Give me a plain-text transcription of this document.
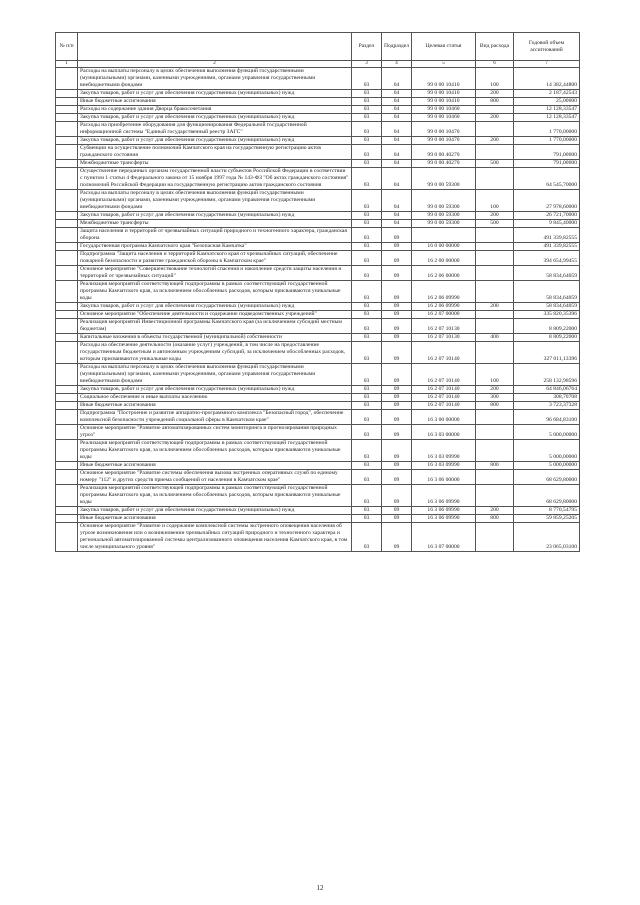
№ п/п		Раздел	Подраздел	Целевая статья	Вид расхода	Годовой объем ассигнований
1	2	3	4	5	6	7
	Расходы на выплаты персоналу в целях обеспечения выполнения функций государственными (муниципальными) органами, казенными учреждениями, органами управления государственными внебюджетными фондами	03	04	99 0 00 10410	100	14 382,44800
	Закупка товаров, работ и услуг для обеспечения государственных (муниципальных) нужд	03	04	99 0 00 10410	200	2 187,42543
	Иные бюджетные ассигнования	03	04	99 0 00 10410	800	25,00000
	Расходы на содержание здания Дворца бракосочетания	03	04	99 0 00 10460		12 128,33547
	Закупка товаров, работ и услуг для обеспечения государственных (муниципальных) нужд	03	04	99 0 00 10460	200	12 128,33547
	Расходы на приобретение оборудования для функционирования Федеральной государственной информационной системы "Единый государственный реестр ЗАГС"	03	04	99 0 00 10470		1 770,00000
	Закупка товаров, работ и услуг для обеспечения государственных (муниципальных) нужд	03	04	99 0 00 10470	200	1 770,00000
	Субвенции на осуществление полномочий Камчатского края на государственную регистрацию актов гражданского состояния	03	04	99 0 00 40270		791,00000
	Межбюджетные трансферты	03	04	99 0 00 40270	500	791,00000
	Осуществление переданных органам государственной власти субъектов Российской Федерации в соответствии с пунктом 1 статьи 4 Федерального закона от 15 ноября 1997 года № 143-ФЗ "Об актах гражданского состояния" полномочий Российской Федерации на государственную регистрацию актов гражданского состояния	03	04	99 0 00 59300		64 545,70000
	Расходы на выплаты персоналу в целях обеспечения выполнения функций государственными (муниципальными) органами, казенными учреждениями, органами управления государственными внебюджетными фондами	03	04	99 0 00 59300	100	27 978,60000
	Закупка товаров, работ и услуг для обеспечения государственных (муниципальных) нужд	03	04	99 0 00 59300	200	26 721,70000
	Межбюджетные трансферты	03	04	99 0 00 59300	500	9 845,40000
	Защита населения и территорий от чрезвычайных ситуаций природного и техногенного характера, гражданская оборона	03	09			491 339,82555
	Государственная программа Камчатского края "Безопасная Камчатка"	03	09	16 0 00 00000		491 339,82555
	Подпрограмма "Защита населения и территорий Камчатского края от чрезвычайных ситуаций, обеспечение пожарной безопасности и развитие гражданской обороны в Камчатском крае"	03	09	16 2 00 00000		394 654,99455
	Основное мероприятие "Совершенствование технологий спасения и накопление средств защиты населения и территорий от чрезвычайных ситуаций"	03	09	16 2 06 00000		58 834,64059
	Реализация мероприятий соответствующей подпрограммы в рамках соответствующей государственной программы Камчатского края, за исключением обособленных расходов, которым присваиваются уникальные коды	03	09	16 2 06 09990		58 834,64059
	Закупка товаров, работ и услуг для обеспечения государственных (муниципальных) нужд	03	09	16 2 06 09990	200	58 834,64059
	Основное мероприятие "Обеспечение деятельности и содержание подведомственных учреждений"	03	09	16 2 07 00000		335 820,35396
	Реализация мероприятий Инвестиционной программы Камчатского края (за исключением субсидий местным бюджетам)	03	09	16 2 07 10130		8 809,22000
	Капитальные вложения в объекты государственной (муниципальной) собственности	03	09	16 2 07 10130	400	8 809,22000
	Расходы на обеспечение деятельности (оказание услуг) учреждений, в том числе на предоставление государственным бюджетным и автономным учреждениям субсидий, за исключением обособленных расходов, которым присваиваются уникальные коды	03	09	16 2 07 10140		327 011,13396
	Расходы на выплаты персоналу в целях обеспечения выполнения функций государственными (муниципальными) органами, казенными учреждениями, органами управления государственными внебюджетными фондами	03	09	16 2 07 10140	100	258 132,98596
	Закупка товаров, работ и услуг для обеспечения государственных (муниципальных) нужд	03	09	16 2 07 10140	200	64 846,06764
	Социальное обеспечение и иные выплаты населению	03	09	16 2 07 10140	300	308,70708
	Иные бюджетные ассигнования	03	09	16 2 07 10140	800	3 723,37328
	Подпрограмма "Построение и развитие аппаратно-программного комплекса "Безопасный город", обеспечение комплексной безопасности учреждений социальной сферы в Камчатском крае"	03	09	16 3 00 00000		96 684,83100
	Основное мероприятие "Развитие автоматизированных систем мониторинга и прогнозирования природных угроз"	03	09	16 3 03 00000		5 000,00000
	Реализация мероприятий соответствующей подпрограммы в рамках соответствующей государственной программы Камчатского края, за исключением обособленных расходов, которым присваиваются уникальные коды	03	09	16 3 03 09990		5 000,00000
	Иные бюджетные ассигнования	03	09	16 3 03 09990	800	5 000,00000
	Основное мероприятие "Развитие системы обеспечения вызова экстренных оперативных служб по единому номеру "112" и других средств приема сообщений от населения в Камчатском крае"	03	09	16 3 06 00000		68 629,80000
	Реализация мероприятий соответствующей подпрограммы в рамках соответствующей государственной программы Камчатского края, за исключением обособленных расходов, которым присваиваются уникальные коды	03	09	16 3 06 09990		68 629,80000
	Закупка товаров, работ и услуг для обеспечения государственных (муниципальных) нужд	03	09	16 3 06 09990	200	8 770,54795
	Иные бюджетные ассигнования	03	09	16 3 06 09990	800	59 859,25205
	Основное мероприятие "Развитие и содержание комплексной системы экстренного оповещения населения об угрозе возникновения или о возникновении чрезвычайных ситуаций природного и техногенного характера и региональной автоматизированной системы централизованного оповещения населения Камчатского края, в том числе муниципального уровня"	03	09	16 3 07 00000		23 065,03100
12
